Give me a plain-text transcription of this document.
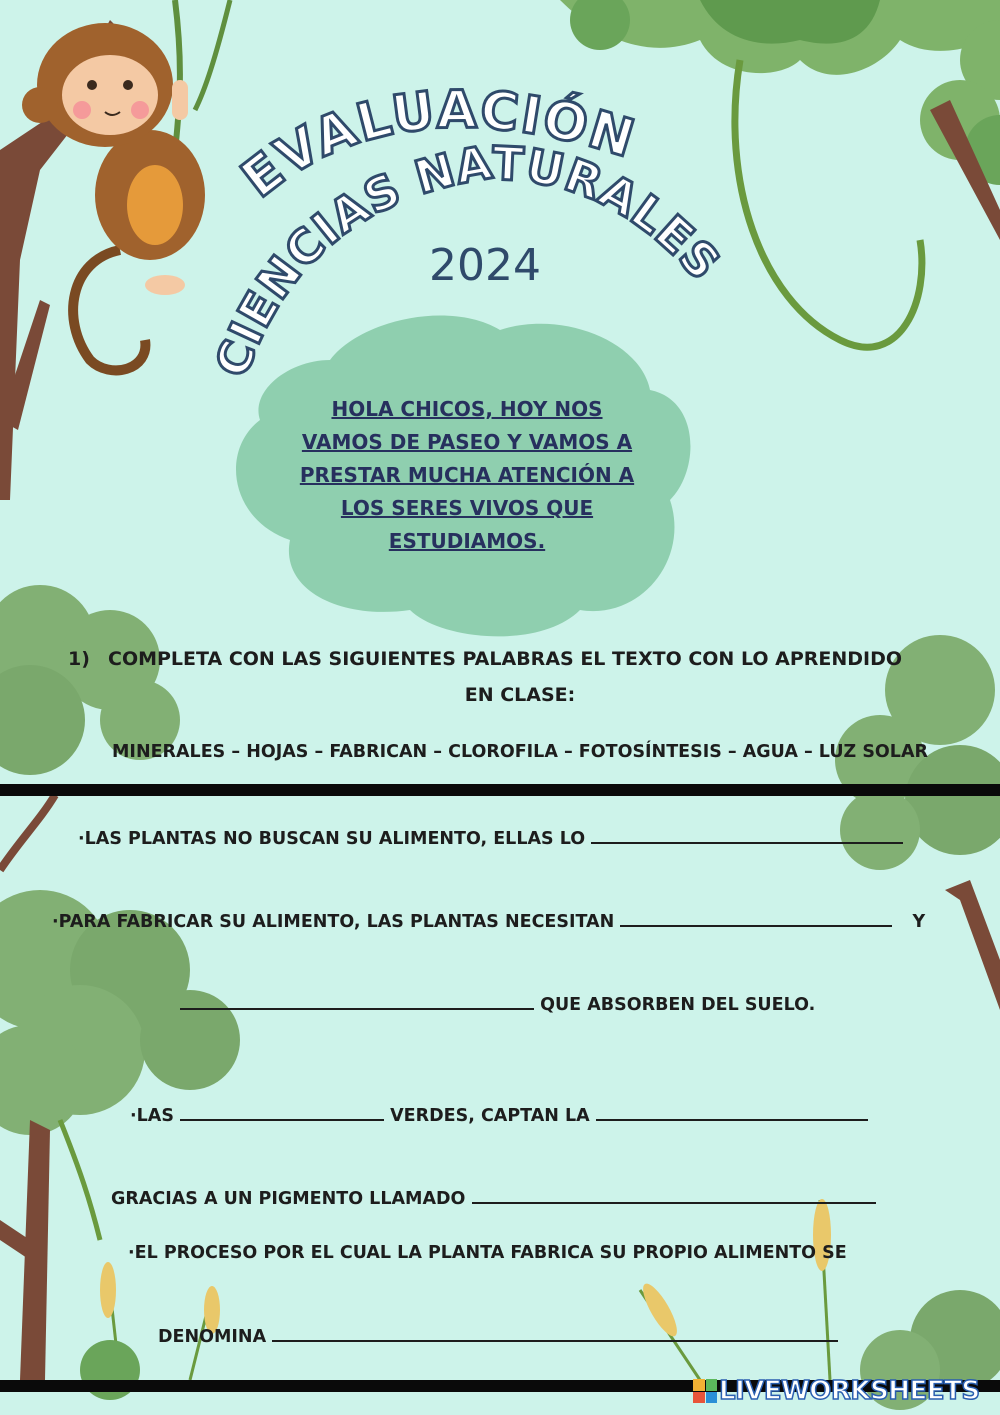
EVALUACIÓN
CIENCIAS NATURALES
2024
HOLA CHICOS, HOY NOS VAMOS DE PASEO Y VAMOS A PRESTAR MUCHA ATENCIÓN A LOS SERES VIVOS QUE ESTUDIAMOS.
1) COMPLETA CON LAS SIGUIENTES PALABRAS EL TEXTO CON LO APRENDIDO
EN CLASE:
MINERALES – HOJAS – FABRICAN – CLOROFILA – FOTOSÍNTESIS – AGUA – LUZ SOLAR
·LAS PLANTAS NO BUSCAN SU ALIMENTO, ELLAS LO
·PARA FABRICAR SU ALIMENTO, LAS PLANTAS NECESITAN	Y
QUE ABSORBEN DEL SUELO.
·LAS	VERDES, CAPTAN LA
GRACIAS A UN PIGMENTO LLAMADO
·EL PROCESO POR EL CUAL LA PLANTA FABRICA SU PROPIO ALIMENTO SE
DENOMINA
LIVEWORKSHEETS
